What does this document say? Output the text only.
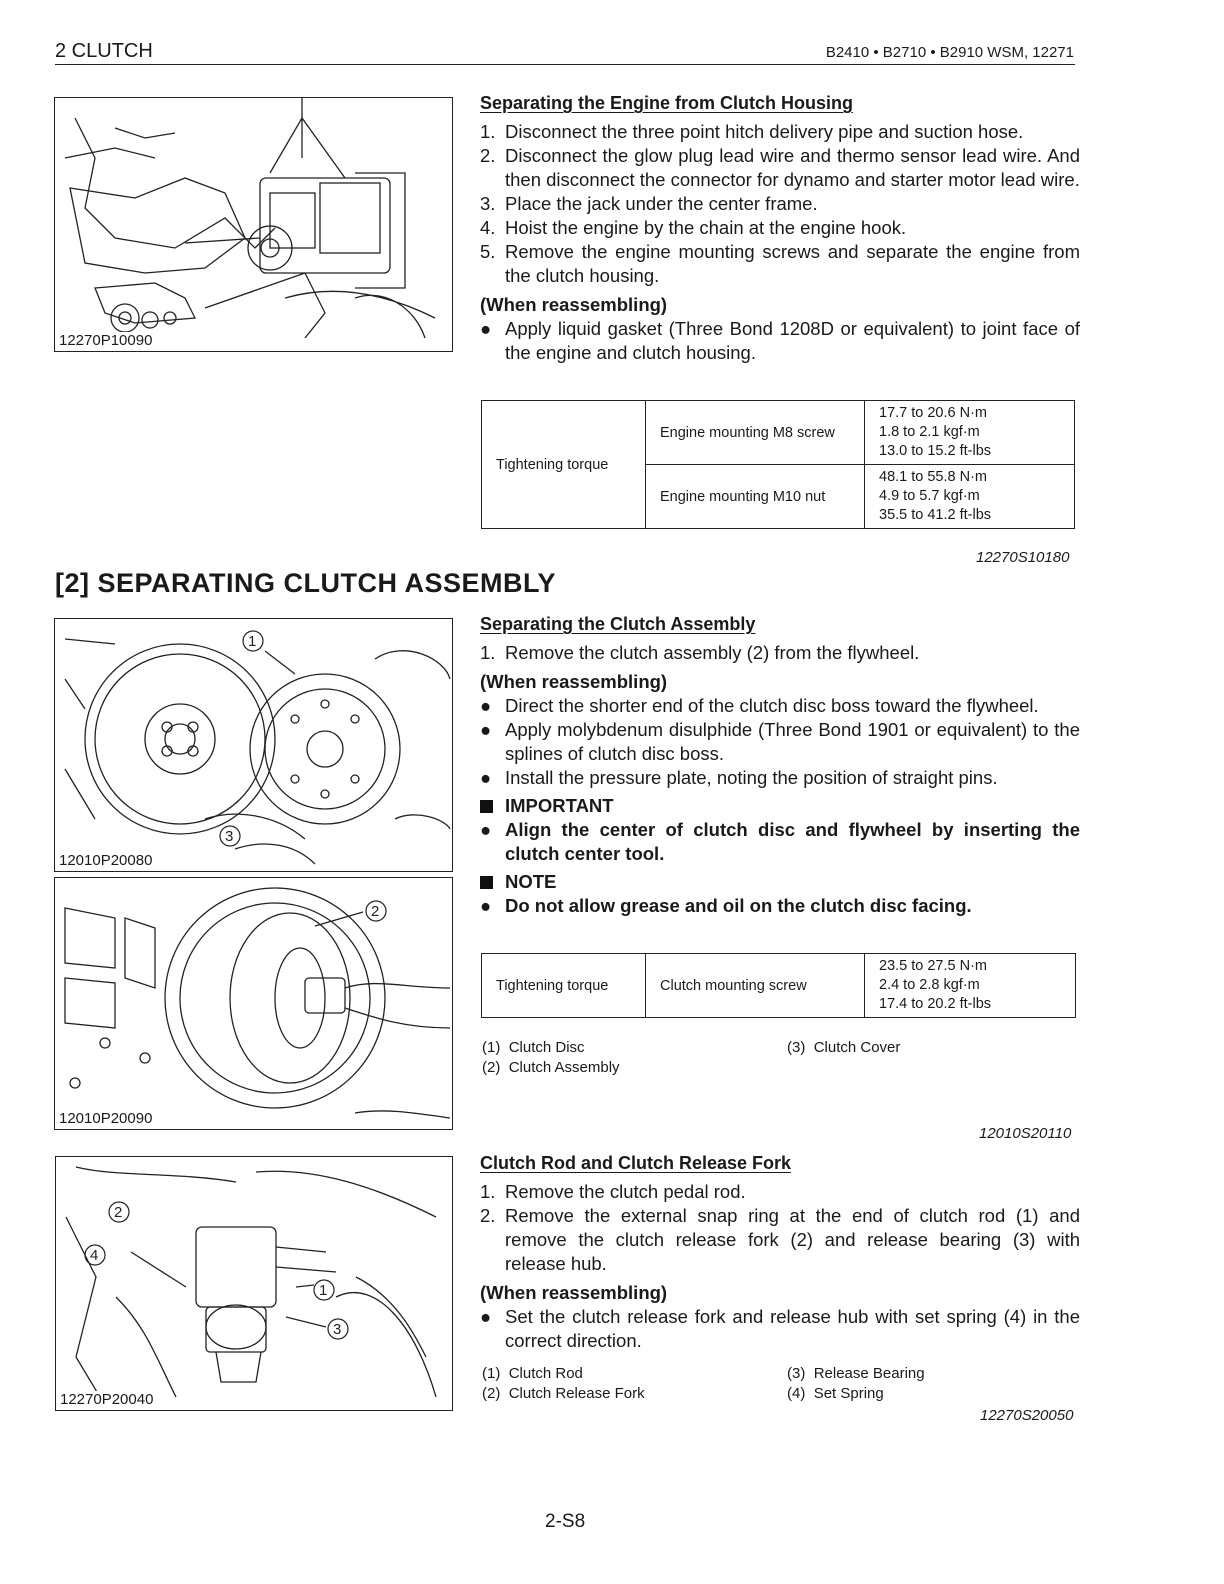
2 CLUTCH	B2410 • B2710 • B2910 WSM, 12271
12270P10090
Separating the Engine from Clutch Housing
1. Disconnect the three point hitch delivery pipe and suction hose.
2. Disconnect the glow plug lead wire and thermo sensor lead wire. And then disconnect the connector for dynamo and starter motor lead wire.
3. Place the jack under the center frame.
4. Hoist the engine by the chain at the engine hook.
5. Remove the engine mounting screws and separate the engine from the clutch housing.
(When reassembling)
● Apply liquid gasket (Three Bond 1208D or equivalent) to joint face of the engine and clutch housing.
Tightening torque	Engine mounting M8 screw	17.7 to 20.6 N·m
1.8 to 2.1 kgf·m
13.0 to 15.2 ft-lbs

	Engine mounting M10 nut	48.1 to 55.8 N·m
4.9 to 5.7 kgf·m
35.5 to 41.2 ft-lbs
12270S10180
[2] SEPARATING CLUTCH ASSEMBLY
1
3
12010P20080
2
12010P20090
Separating the Clutch Assembly
1. Remove the clutch assembly (2) from the flywheel.
(When reassembling)
● Direct the shorter end of the clutch disc boss toward the flywheel.
● Apply molybdenum disulphide (Three Bond 1901 or equivalent) to the splines of clutch disc boss.
● Install the pressure plate, noting the position of straight pins.
IMPORTANT
● Align the center of clutch disc and flywheel by inserting the clutch center tool.
NOTE
● Do not allow grease and oil on the clutch disc facing.
Tightening torque	Clutch mounting screw	
23.5 to 27.5 N·m
2.4 to 2.8 kgf·m
17.4 to 20.2 ft-lbs
(1) Clutch Disc
(2) Clutch Assembly
(3) Clutch Cover
12010S20110
2
4
1
3
12270P20040
Clutch Rod and Clutch Release Fork
1. Remove the clutch pedal rod.
2. Remove the external snap ring at the end of clutch rod (1) and remove the clutch release fork (2) and release bearing (3) with release hub.
(When reassembling)
● Set the clutch release fork and release hub with set spring (4) in the correct direction.
(1) Clutch Rod
(2) Clutch Release Fork
(3) Release Bearing
(4) Set Spring
12270S20050
2-S8
